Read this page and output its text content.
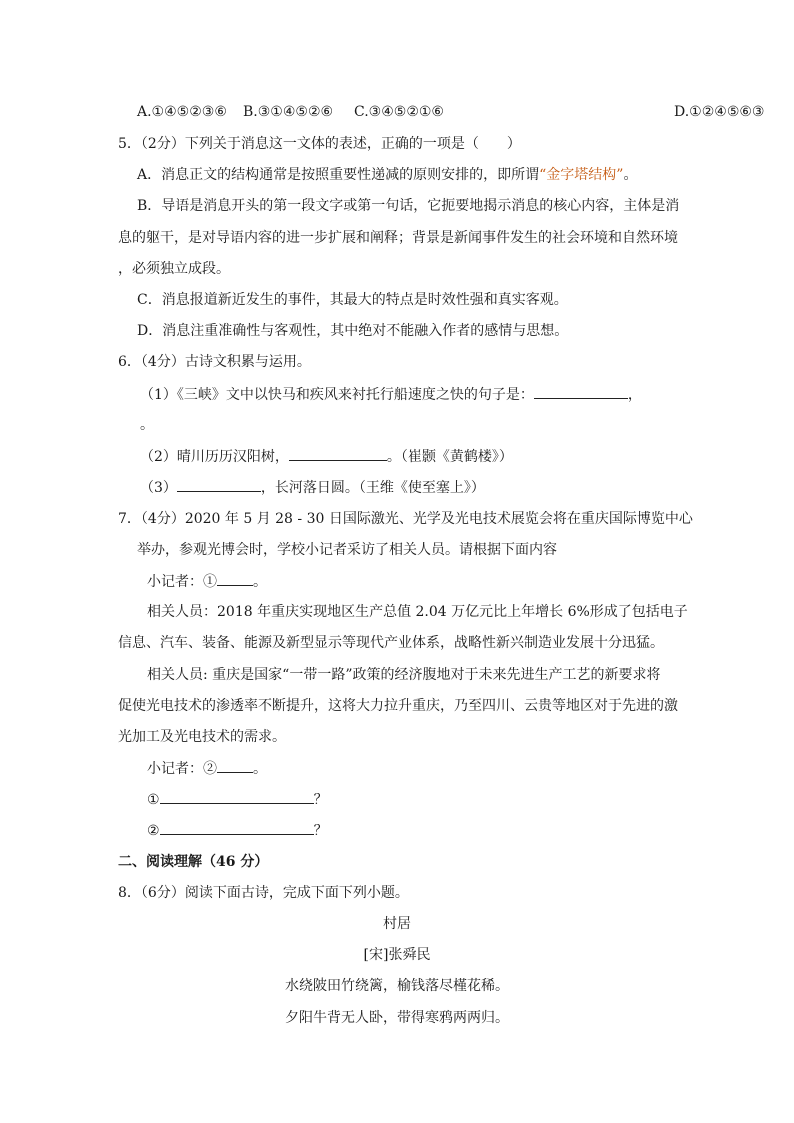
A.①④⑤②③⑥ B.③①④⑤②⑥ C.③④⑤②①⑥	D.①②④⑤⑥③
5．（2分）下列关于消息这一文体的表述，正确的一项是（　　）
A．消息正文的结构通常是按照重要性递减的原则安排的，即所谓“金字塔结构”。
B．导语是消息开头的第一段文字或第一句话，它扼要地揭示消息的核心内容，主体是消
息的躯干，是对导语内容的进一步扩展和阐释；背景是新闻事件发生的社会环境和自然环境
，必须独立成段。
C．消息报道新近发生的事件，其最大的特点是时效性强和真实客观。
D．消息注重准确性与客观性，其中绝对不能融入作者的感情与思想。
6．（4分）古诗文积累与运用。
（1）《三峡》文中以快马和疾风来衬托行船速度之快的句子是：	，
。
（2）晴川历历汉阳树，	。（崔颢《黄鹤楼》）
（3）	，长河落日圆。（王维《使至塞上》）
7．（4分）2020 年 5 月 28 - 30 日国际激光、光学及光电技术展览会将在重庆国际博览中心
举办，参观光博会时，学校小记者采访了相关人员。请根据下面内容
小记者：①	。
相关人员：2018 年重庆实现地区生产总值 2.04 万亿元比上年增长 6%形成了包括电子
信息、汽车、装备、能源及新型显示等现代产业体系，战略性新兴制造业发展十分迅猛。
相关人员: 重庆是国家“一带一路”政策的经济腹地对于未来先进生产工艺的新要求将
促使光电技术的渗透率不断提升，这将大力拉升重庆，乃至四川、云贵等地区对于先进的激
光加工及光电技术的需求。
小记者：②	。
①	？
②	？
二、阅读理解（46 分）
8．（6分）阅读下面古诗，完成下面下列小题。
村居
[宋]张舜民
水绕陂田竹绕篱，榆钱落尽槿花稀。
夕阳牛背无人卧，带得寒鸦两两归。
